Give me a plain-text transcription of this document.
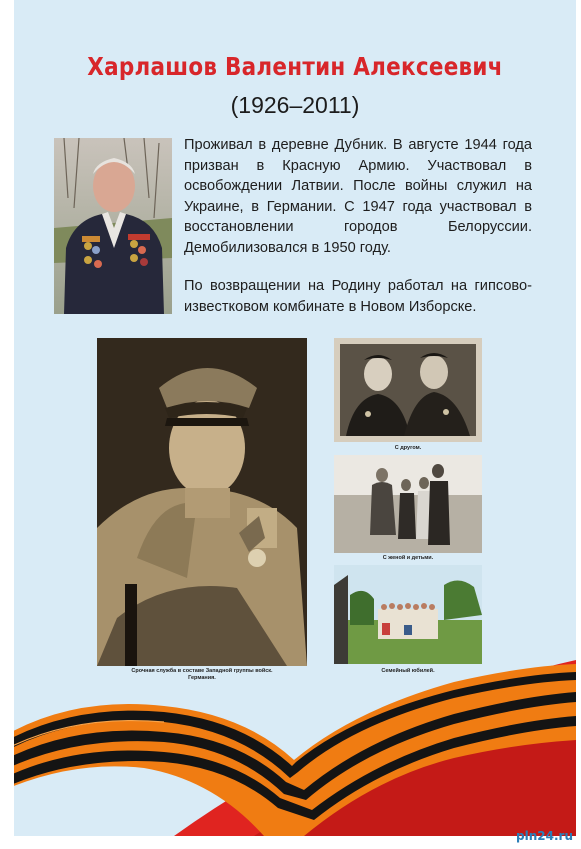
Харлашов Валентин Алексеевич
(1926–2011)
Проживал в деревне Дубник. В августе 1944 года призван в Красную Армию. Участвовал в освобождении Латвии. После войны служил на Украине, в Германии. С 1947 года участвовал в восстановлении городов Белоруссии. Демобилизовался в 1950 году.
По возвращении на Родину работал на гипсово-известковом комбинате в Новом Изборске.
Срочная служба в составе Западной группы войск.
Германия.
С другом.
С женой и детьми.
Семейный юбилей.
pln24.ru
